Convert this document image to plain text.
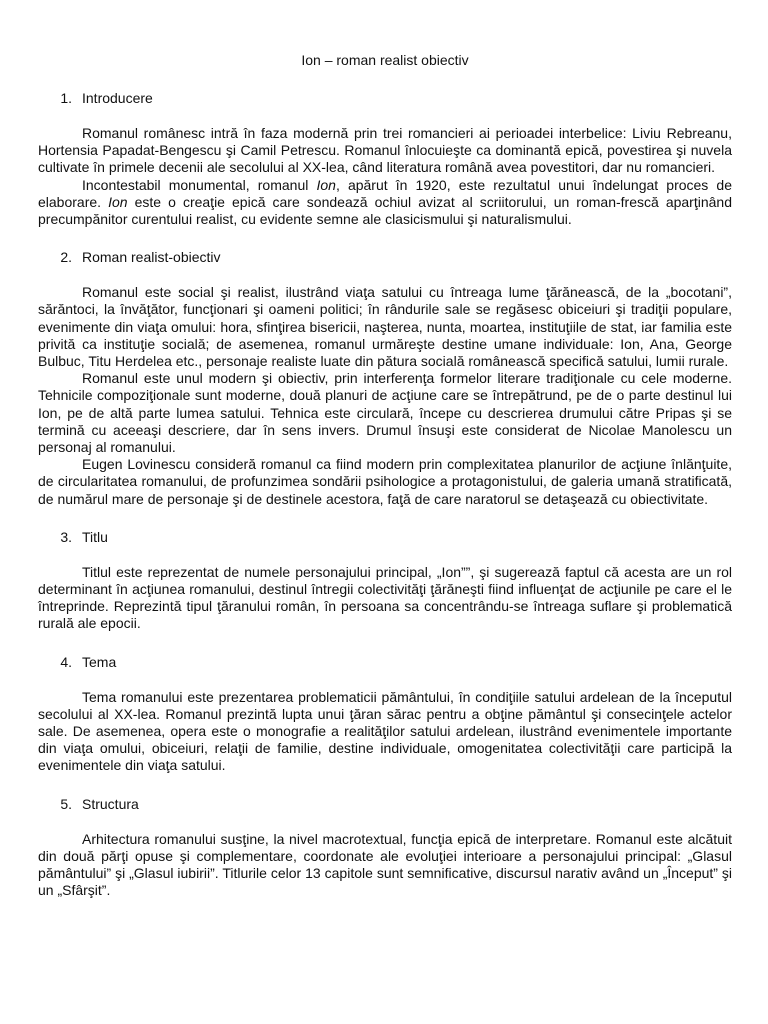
Ion – roman realist obiectiv
1. Introducere

Romanul românesc intră în faza modernă prin trei romancieri ai perioadei interbelice: Liviu Rebreanu, Hortensia Papadat-Bengescu şi Camil Petrescu. Romanul înlocuieşte ca dominantă epică, povestirea şi nuvela cultivate în primele decenii ale secolului al XX-lea, când literatura română avea povestitori, dar nu romancieri.

Incontestabil monumental, romanul Ion, apărut în 1920, este rezultatul unui îndelungat proces de elaborare. Ion este o creaţie epică care sondează ochiul avizat al scriitorului, un roman-frescă aparţinând precumpănitor curentului realist, cu evidente semne ale clasicismului şi naturalismului.

2. Roman realist-obiectiv

Romanul este social şi realist, ilustrând viaţa satului cu întreaga lume ţărănească, de la „bocotani”, sărăntoci, la învăţător, funcţionari şi oameni politici; în rândurile sale se regăsesc obiceiuri şi tradiţii populare, evenimente din viaţa omului: hora, sfinţirea bisericii, naşterea, nunta, moartea, instituţiile de stat, iar familia este privită ca instituţie socială; de asemenea, romanul urmăreşte destine umane individuale: Ion, Ana, George Bulbuc, Titu Herdelea etc., personaje realiste luate din pătura socială românească specifică satului, lumii rurale.

Romanul este unul modern şi obiectiv, prin interferenţa formelor literare tradiţionale cu cele moderne. Tehnicile compoziţionale sunt moderne, două planuri de acţiune care se întrepătrund, pe de o parte destinul lui Ion, pe de altă parte lumea satului. Tehnica este circulară, începe cu descrierea drumului către Pripas şi se termină cu aceeaşi descriere, dar în sens invers. Drumul însuşi este considerat de Nicolae Manolescu un personaj al romanului.

Eugen Lovinescu consideră romanul ca fiind modern prin complexitatea planurilor de acţiune înlănţuite, de circularitatea romanului, de profunzimea sondării psihologice a protagonistului, de galeria umană stratificată, de numărul mare de personaje şi de destinele acestora, faţă de care naratorul se detaşează cu obiectivitate.

3. Titlu

Titlul este reprezentat de numele personajului principal, „Ion””, şi sugerează faptul că acesta are un rol determinant în acţiunea romanului, destinul întregii colectivităţi ţărăneşti fiind influenţat de acţiunile pe care el le întreprinde. Reprezintă tipul ţăranului român, în persoana sa concentrându-se întreaga suflare şi problematică rurală ale epocii.

4. Tema

Tema romanului este prezentarea problematicii pământului, în condiţiile satului ardelean de la începutul secolului al XX-lea. Romanul prezintă lupta unui ţăran sărac pentru a obţine pământul şi consecinţele actelor sale. De asemenea, opera este o monografie a realităţilor satului ardelean, ilustrând evenimentele importante din viaţa omului, obiceiuri, relaţii de familie, destine individuale, omogenitatea colectivităţii care participă la evenimentele din viaţa satului.

5. Structura

Arhitectura romanului susţine, la nivel macrotextual, funcţia epică de interpretare. Romanul este alcătuit din două părţi opuse şi complementare, coordonate ale evoluţiei interioare a personajului principal: „Glasul pământului” şi „Glasul iubirii”. Titlurile celor 13 capitole sunt semnificative, discursul narativ având un „Început” şi un „Sfârşit”.
